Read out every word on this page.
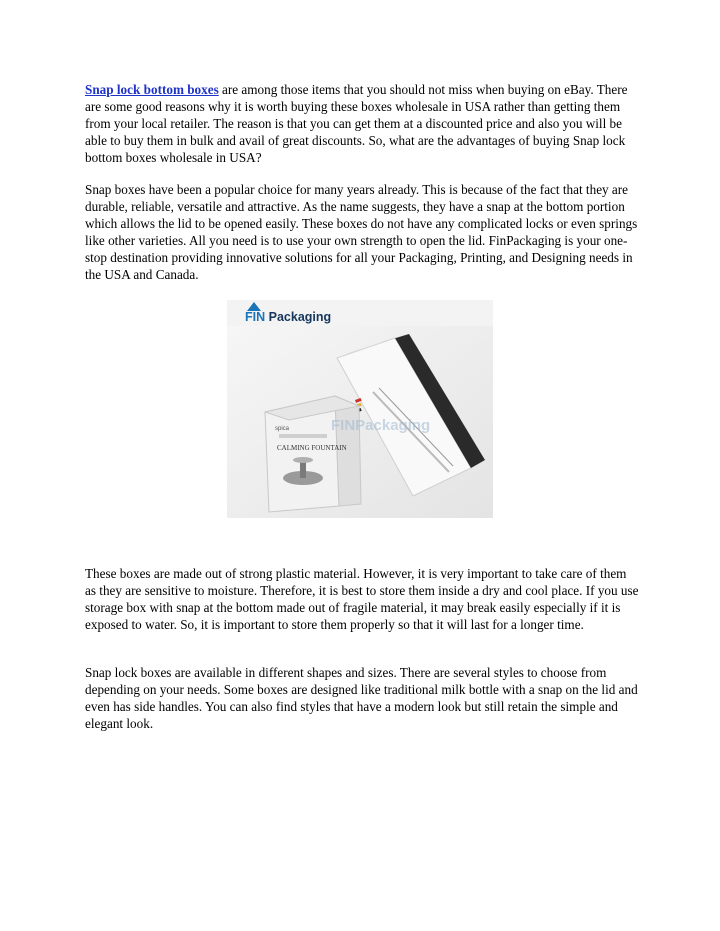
Snap lock bottom boxes are among those items that you should not miss when buying on eBay. There are some good reasons why it is worth buying these boxes wholesale in USA rather than getting them from your local retailer. The reason is that you can get them at a discounted price and also you will be able to buy them in bulk and avail of great discounts. So, what are the advantages of buying Snap lock bottom boxes wholesale in USA?

Snap boxes have been a popular choice for many years already. This is because of the fact that they are durable, reliable, versatile and attractive. As the name suggests, they have a snap at the bottom portion which allows the lid to be opened easily. These boxes do not have any complicated locks or even springs like other varieties. All you need is to use your own strength to open the lid. FinPackaging is your one-stop destination providing innovative solutions for all your Packaging, Printing, and Designing needs in the USA and Canada.

FIN Packaging
spica
CALMING FOUNTAIN
FINPackaging

These boxes are made out of strong plastic material. However, it is very important to take care of them as they are sensitive to moisture. Therefore, it is best to store them inside a dry and cool place. If you use storage box with snap at the bottom made out of fragile material, it may break easily especially if it is exposed to water. So, it is important to store them properly so that it will last for a longer time.

Snap lock boxes are available in different shapes and sizes. There are several styles to choose from depending on your needs. Some boxes are designed like traditional milk bottle with a snap on the lid and even has side handles. You can also find styles that have a modern look but still retain the simple and elegant look.
